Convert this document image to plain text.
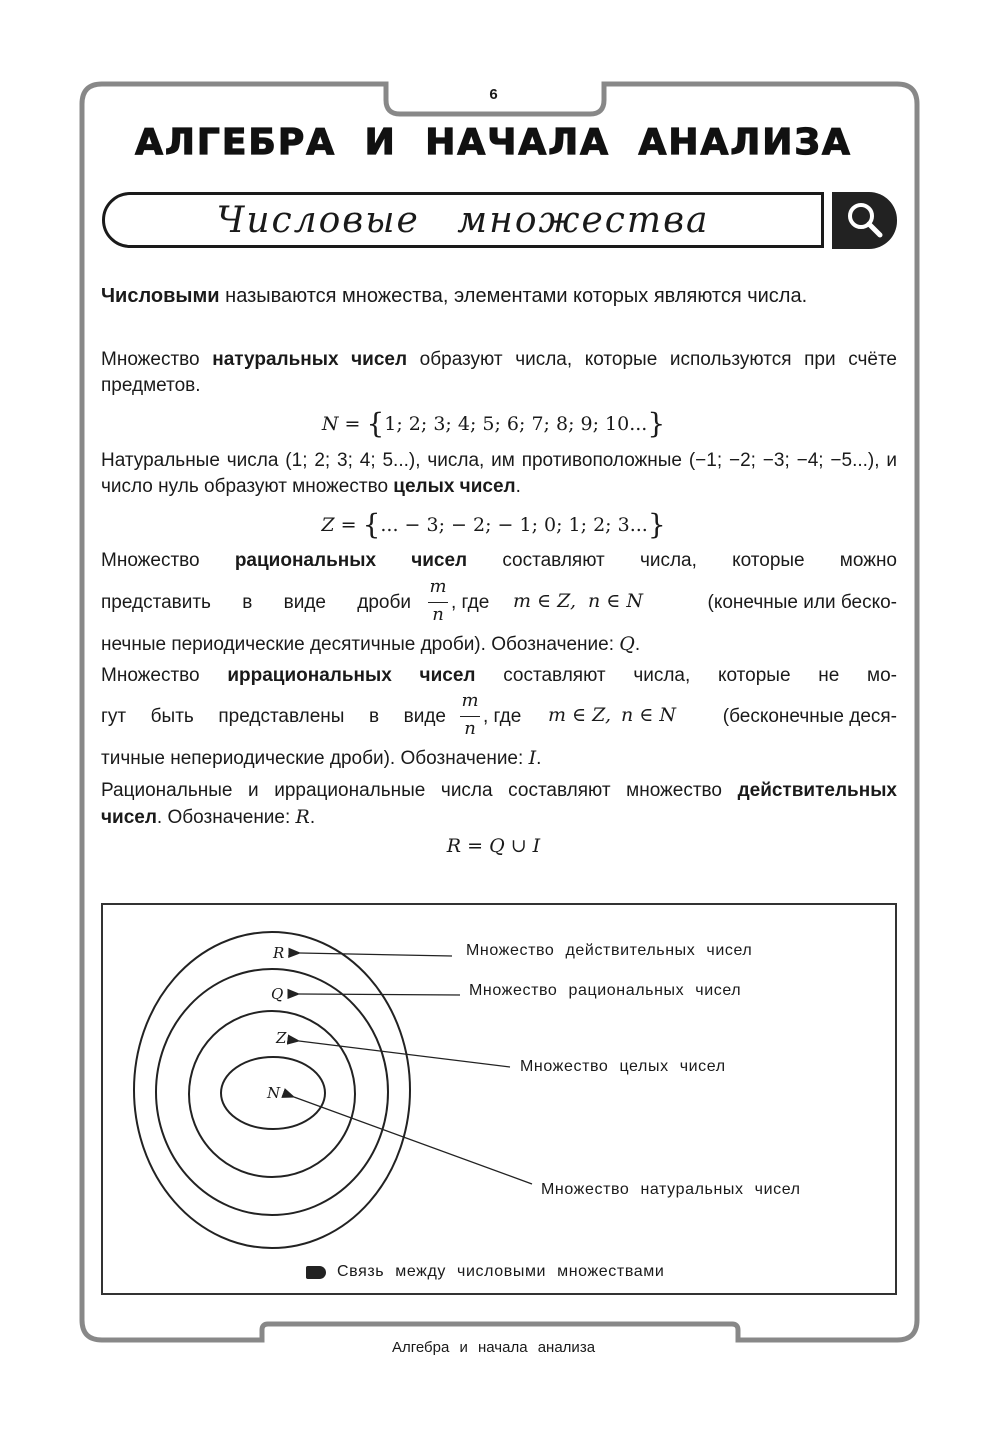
6
АЛГЕБРА И НАЧАЛА АНАЛИЗА
Числовые множества
Числовыми называются множества, элементами которых являются числа.
Множество натуральных чисел образуют числа, которые используются при счёте предметов.
N = {1; 2; 3; 4; 5; 6; 7; 8; 9; 10...}
Натуральные числа (1; 2; 3; 4; 5...), числа, им противоположные (−1; −2; −3; −4; −5...), и число нуль образуют множество целых чисел.
Z = {... − 3; − 2; − 1; 0; 1; 2; 3...}
Множество рациональных чисел составляют числа, которые можно
представить в виде дроби
m
n
, где	m ∈ Z, n ∈ N	(конечные или беско-
нечные периодические десятичные дроби). Обозначение: Q.
Множество иррациональных чисел составляют числа, которые не мо-
гут быть представлены в виде
m
n
, где	m ∈ Z, n ∈ N	(бесконечные деся-
тичные непериодические дроби). Обозначение: I.
Рациональные и иррациональные числа составляют множество действительных чисел. Обозначение: R.
R = Q ∪ I
R
Q
Z
N
Множество действительных чисел
Множество рациональных чисел
Множество целых чисел
Множество натуральных чисел
Связь между числовыми множествами
Алгебра и начала анализа
